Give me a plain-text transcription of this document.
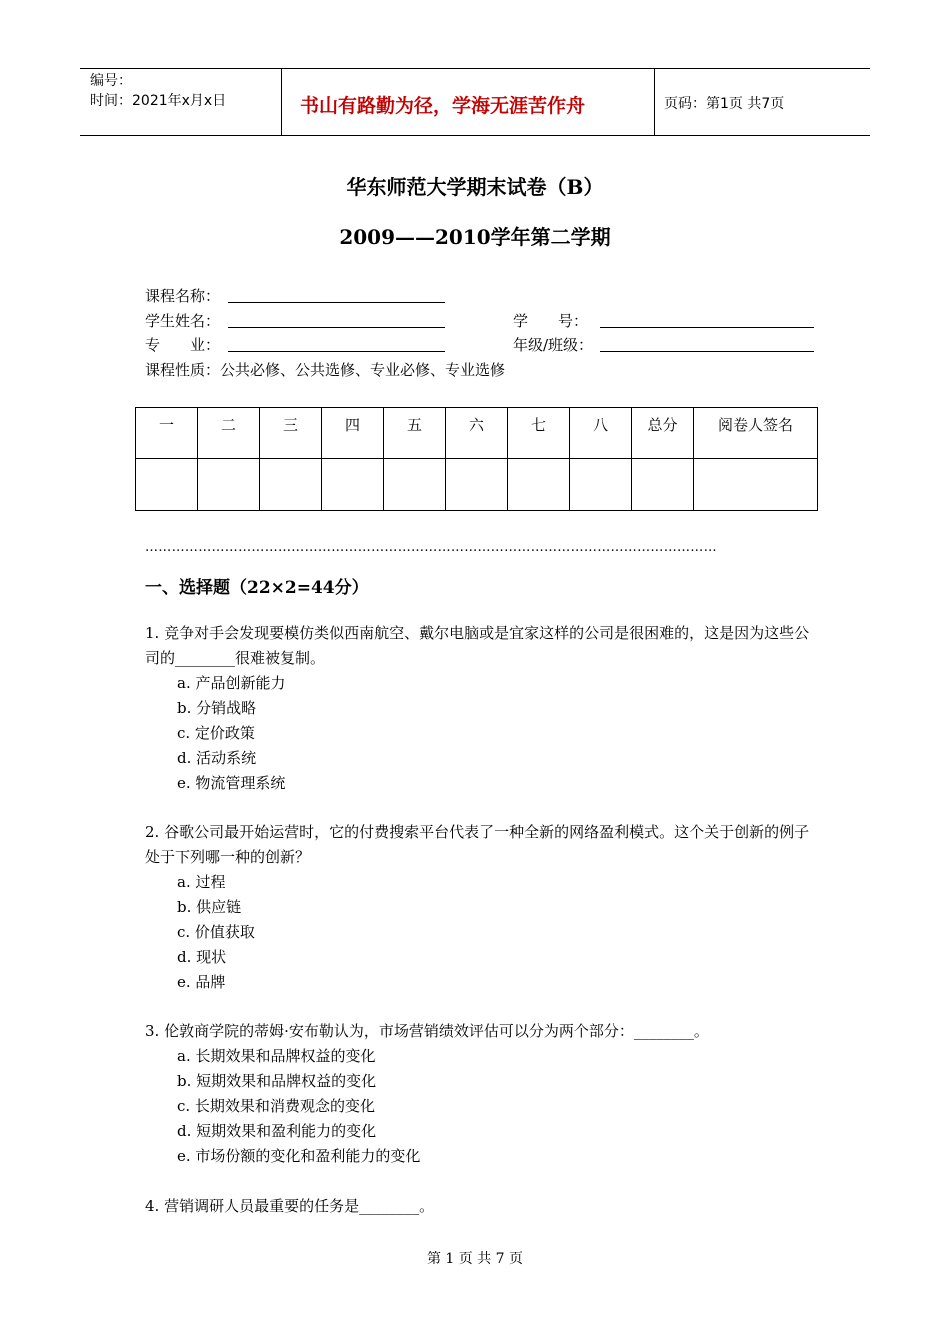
编号：
时间：2021年x月x日	书山有路勤为径，学海无涯苦作舟	页码：第1页 共7页
华东师范大学期末试卷（B）
2009——2010学年第二学期
课程名称：
学生姓名：	学　　号：
专　　业：	年级/班级：
课程性质：公共必修、公共选修、专业必修、专业选修
一	二	三	四	五	六	七	八	总分	阅卷人签名

…………………………………………………………………………………………………………………
一、选择题（22×2=44分）
1. 竞争对手会发现要模仿类似西南航空、戴尔电脑或是宜家这样的公司是很困难的，这是因为这些公司的________很难被复制。
a. 产品创新能力
b. 分销战略
c. 定价政策
d. 活动系统
e. 物流管理系统
2. 谷歌公司最开始运营时，它的付费搜索平台代表了一种全新的网络盈利模式。这个关于创新的例子处于下列哪一种的创新？
a. 过程
b. 供应链
c. 价值获取
d. 现状
e. 品牌
3. 伦敦商学院的蒂姆·安布勒认为，市场营销绩效评估可以分为两个部分：________。
a. 长期效果和品牌权益的变化
b. 短期效果和品牌权益的变化
c. 长期效果和消费观念的变化
d. 短期效果和盈利能力的变化
e. 市场份额的变化和盈利能力的变化
4. 营销调研人员最重要的任务是________。
第 1 页 共 7 页
